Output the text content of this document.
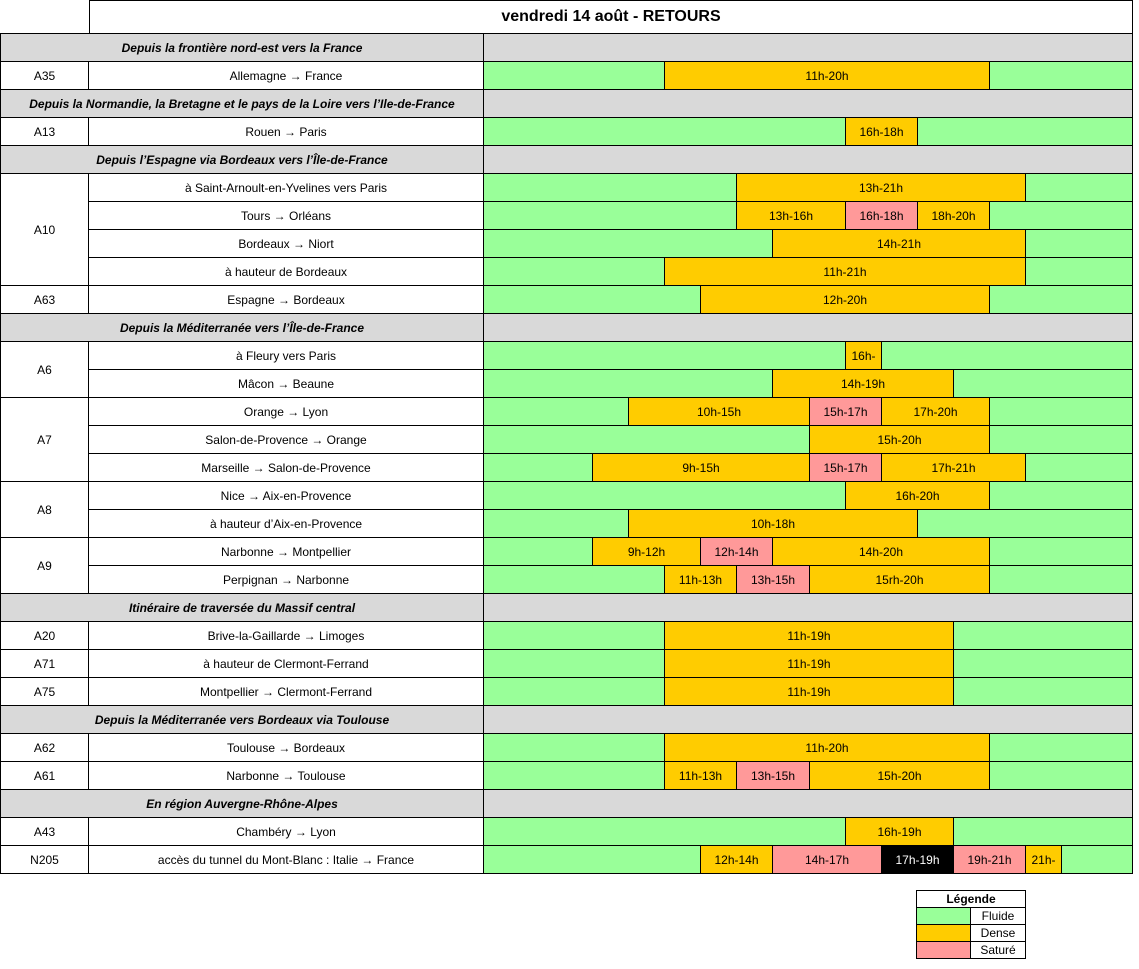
vendredi 14 août - RETOURS
Depuis la frontière nord-est vers la France
A35	Allemagne → France	11h-20h
Depuis la Normandie, la Bretagne et le pays de la Loire vers l’Ile-de-France
A13	Rouen → Paris	16h-18h
Depuis l’Espagne via Bordeaux vers l’Île-de-France
A10
à Saint-Arnoult-en-Yvelines vers Paris	13h-21h
Tours → Orléans	13h-16h	16h-18h	18h-20h
Bordeaux → Niort	14h-21h
à hauteur de Bordeaux	11h-21h
A63	Espagne → Bordeaux	12h-20h
Depuis la Méditerranée vers l’Île-de-France
A6
à Fleury vers Paris	16h-
Mâcon → Beaune	14h-19h
A7
Orange → Lyon	10h-15h	15h-17h	17h-20h
Salon-de-Provence → Orange	15h-20h
Marseille → Salon-de-Provence	9h-15h	15h-17h	17h-21h
A8
Nice → Aix-en-Provence	16h-20h
à hauteur d’Aix-en-Provence	10h-18h
A9
Narbonne → Montpellier	9h-12h	12h-14h	14h-20h
Perpignan → Narbonne	11h-13h	13h-15h	15rh-20h
Itinéraire de traversée du Massif central
A20	Brive-la-Gaillarde → Limoges	11h-19h
A71	à hauteur de Clermont-Ferrand	11h-19h
A75	Montpellier → Clermont-Ferrand	11h-19h
Depuis la Méditerranée vers Bordeaux via Toulouse
A62	Toulouse → Bordeaux	11h-20h
A61	Narbonne → Toulouse	11h-13h	13h-15h	15h-20h
En région Auvergne-Rhône-Alpes
A43	Chambéry → Lyon	16h-19h
N205	accès du tunnel du Mont-Blanc : Italie → France	12h-14h	14h-17h	17h-19h	19h-21h	21h-
Légende
Fluide
Dense
Saturé
